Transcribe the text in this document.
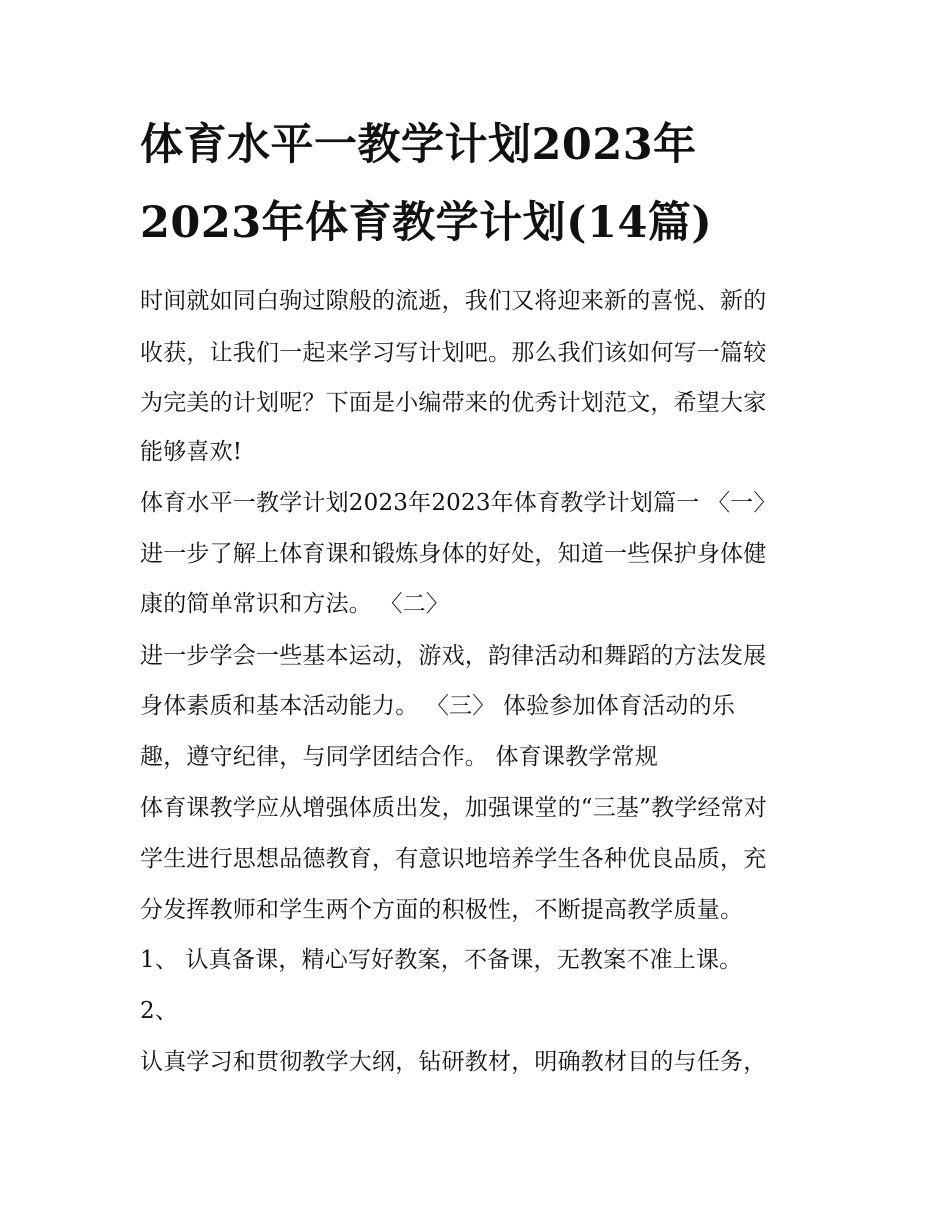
体育水平一教学计划2023年
2023年体育教学计划(14篇)

时间就如同白驹过隙般的流逝，我们又将迎来新的喜悦、新的

收获，让我们一起来学习写计划吧。那么我们该如何写一篇较

为完美的计划呢？下面是小编带来的优秀计划范文，希望大家

能够喜欢!

体育水平一教学计划2023年2023年体育教学计划篇一 〈一〉

进一步了解上体育课和锻炼身体的好处，知道一些保护身体健

康的简单常识和方法。 〈二〉

进一步学会一些基本运动，游戏，韵律活动和舞蹈的方法发展

身体素质和基本活动能力。 〈三〉 体验参加体育活动的乐

趣，遵守纪律，与同学团结合作。 体育课教学常规

体育课教学应从增强体质出发，加强课堂的“三基”教学经常对

学生进行思想品德教育，有意识地培养学生各种优良品质，充

分发挥教师和学生两个方面的积极性，不断提高教学质量。

1、 认真备课，精心写好教案，不备课，无教案不准上课。

2、

认真学习和贯彻教学大纲，钻研教材，明确教材目的与任务，
